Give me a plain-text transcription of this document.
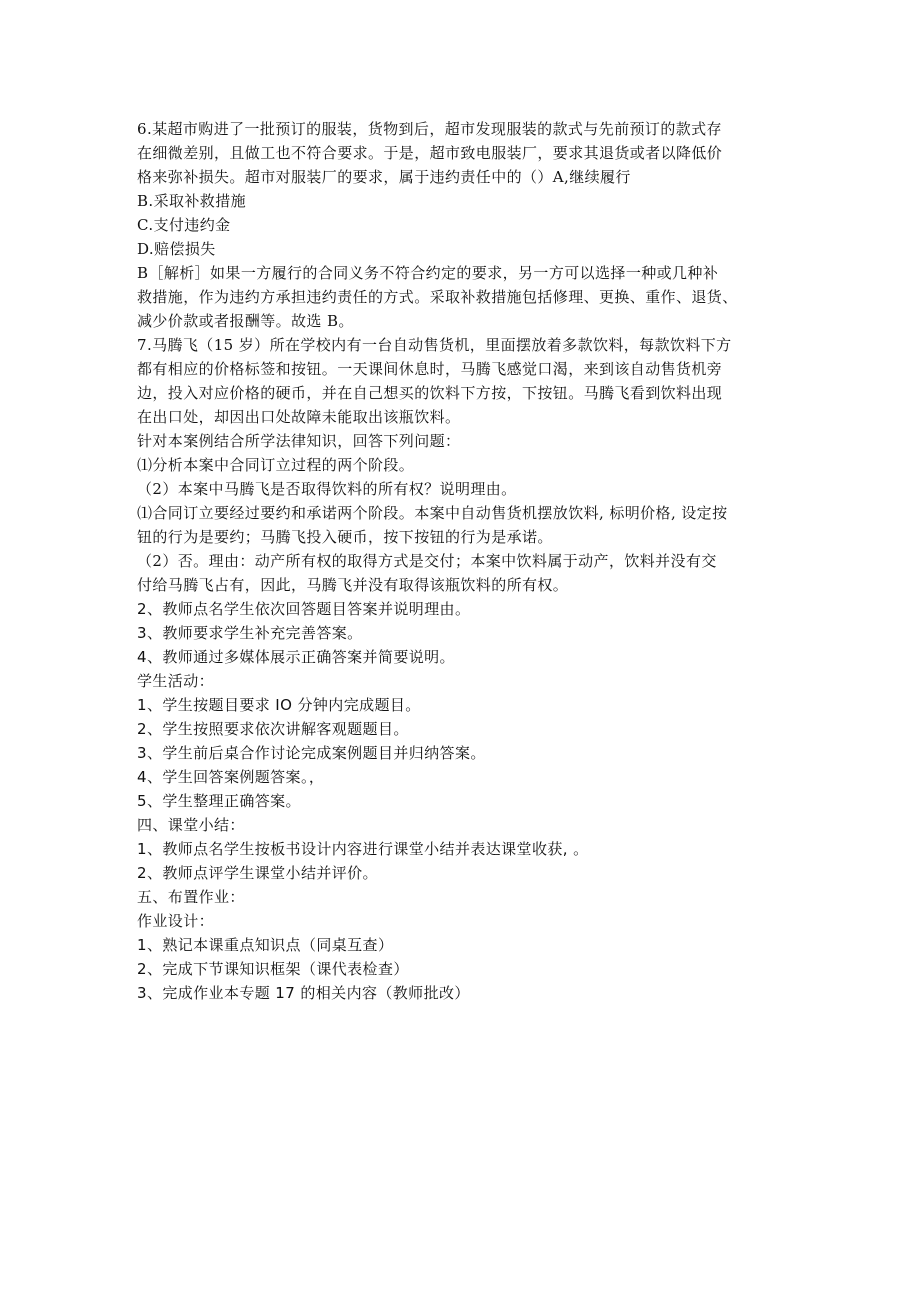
6.某超市购进了一批预订的服装，货物到后，超市发现服装的款式与先前预订的款式存
在细微差别，且做工也不符合要求。于是，超市致电服装厂，要求其退货或者以降低价
格来弥补损失。超市对服装厂的要求，属于违约责任中的（）A,继续履行
B.采取补救措施
C.支付违约金
D.赔偿损失
B［解析］如果一方履行的合同义务不符合约定的要求，另一方可以选择一种或几种补
救措施，作为违约方承担违约责任的方式。采取补救措施包括修理、更换、重作、退货、
减少价款或者报酬等。故选 B。
7.马腾飞（15 岁）所在学校内有一台自动售货机，里面摆放着多款饮料，每款饮料下方
都有相应的价格标签和按钮。一天课间休息时，马腾飞感觉口渴，来到该自动售货机旁
边，投入对应价格的硬币，并在自己想买的饮料下方按，下按钮。马腾飞看到饮料出现
在出口处，却因出口处故障未能取出该瓶饮料。
针对本案例结合所学法律知识，回答下列问题：
⑴分析本案中合同订立过程的两个阶段。
（2）本案中马腾飞是否取得饮料的所有权？说明理由。
⑴合同订立要经过要约和承诺两个阶段。本案中自动售货机摆放饮料, 标明价格, 设定按
钮的行为是要约；马腾飞投入硬币，按下按钮的行为是承诺。
（2）否。理由：动产所有权的取得方式是交付；本案中饮料属于动产，饮料并没有交
付给马腾飞占有，因此，马腾飞并没有取得该瓶饮料的所有权。
2、教师点名学生依次回答题目答案并说明理由。
3、教师要求学生补充完善答案。
4、教师通过多媒体展示正确答案并简要说明。
学生活动：
1、学生按题目要求 IO 分钟内完成题目。
2、学生按照要求依次讲解客观题题目。
3、学生前后桌合作讨论完成案例题目并归纳答案。
4、学生回答案例题答案。，
5、学生整理正确答案。
四、课堂小结：
1、教师点名学生按板书设计内容进行课堂小结并表达课堂收获, 。
2、教师点评学生课堂小结并评价。
五、布置作业：
作业设计：
1、熟记本课重点知识点（同桌互查）
2、完成下节课知识框架（课代表检查）
3、完成作业本专题 17 的相关内容（教师批改）
